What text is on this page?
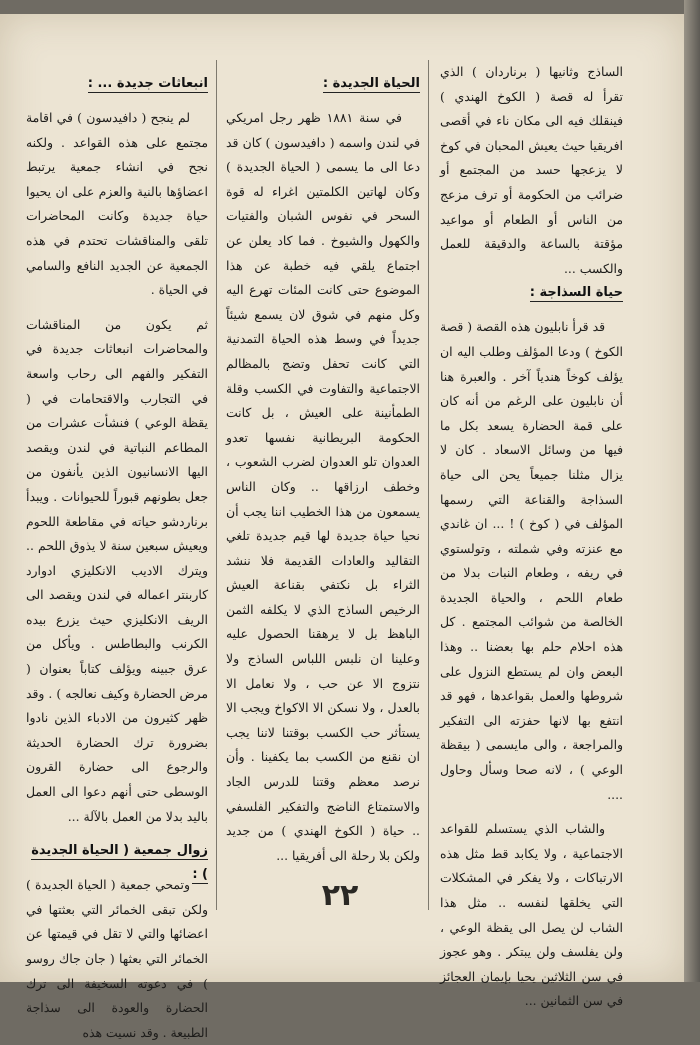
الساذج وثانيها ( برناردان ) الذي تقرأ له قصة ( الكوخ الهندي ) فينقلك فيه الى مكان ناء في أقصى افريقيا حيث يعيش المحبان في كوخ لا يزعجها حسد من المجتمع أو ضرائب من الحكومة أو ترف مزعج من الناس أو الطعام أو مواعيد مؤقتة بالساعة والدقيقة للعمل والكسب ...

حياة السذاجة :

قد قرأ نابليون هذه القصة ( قصة الكوخ ) ودعا المؤلف وطلب اليه ان يؤلف كوخاً هندياً آخر . والعبرة هنا أن نابليون على الرغم من أنه كان على قمة الحضارة يسعد بكل ما فيها من وسائل الاسعاد . كان لا يزال مثلنا جميعاً يحن الى حياة السذاجة والقناعة التي رسمها المؤلف في ( كوخ ) ! ... ان غاندي مع عنزته وفي شملته ، وتولستوي في ريفه ، وطعام النبات بدلا من طعام اللحم ، والحياة الجديدة الخالصة من شوائب المجتمع . كل هذه احلام حلم بها بعضنا .. وهذا البعض وان لم يستطع النزول على شروطها والعمل بقواعدها ، فهو قد انتفع بها لانها حفزته الى التفكير والمراجعة ، والى مايسمى ( بيقظة الوعي ) ، لانه صحا وسأل وحاول ....

والشاب الذي يستسلم للقواعد الاجتماعية ، ولا يكابد قط مثل هذه الارتباكات ، ولا يفكر في المشكلات التي يخلقها لنفسه .. مثل هذا الشاب لن يصل الى يقظة الوعي ، ولن يفلسف ولن يبتكر . وهو عجوز في سن الثلاثين يحيا بإيمان العجائز في سن الثمانين ...

الحياة الجديدة :

في سنة ١٨٨١ ظهر رجل امريكي في لندن واسمه ( دافيدسون ) كان قد دعا الى ما يسمى ( الحياة الجديدة ) وكان لهاتين الكلمتين اغراء له قوة السحر في نفوس الشبان والفتيات والكهول والشيوخ . فما كاد يعلن عن اجتماع يلقي فيه خطبة عن هذا الموضوع حتى كانت المئات تهرع اليه وكل منهم في شوق لان يسمع شيئاً جديداً في وسط هذه الحياة التمدنية التي كانت تحفل وتضج بالمظالم الاجتماعية والتفاوت في الكسب وقلة الطمأنينة على العيش ، بل كانت الحكومة البريطانية نفسها تعدو العدوان تلو العدوان لضرب الشعوب ، وخطف ارزاقها .. وكان الناس يسمعون من هذا الخطيب اننا يجب أن نحيا حياة جديدة لها قيم جديدة تلغي التقاليد والعادات القديمة فلا ننشد الثراء بل نكتفي بقناعة العيش الرخيص الساذج الذي لا يكلفه الثمن الباهظ بل لا يرهقنا الحصول عليه وعلينا ان نلبس اللباس الساذج ولا نتزوج الا عن حب ، ولا نعامل الا بالعدل ، ولا نسكن الا الاكواخ ويجب الا يستأثر حب الكسب بوقتنا لاننا يجب ان نقنع من الكسب بما يكفينا . وأن نرصد معظم وقتنا للدرس الجاد والاستمتاع الناضج والتفكير الفلسفي .. حياة ( الكوخ الهندي ) من جديد ولكن بلا رحلة الى أفريقيا ...

انبعاثات جديدة ... :

لم ينجح ( دافيدسون ) في اقامة مجتمع على هذه القواعد . ولكنه نجح في انشاء جمعية يرتبط اعضاؤها بالنية والعزم على ان يحيوا حياة جديدة وكانت المحاضرات تلقى والمناقشات تحتدم في هذه الجمعية عن الجديد النافع والسامي في الحياة .

ثم يكون من المناقشات والمحاضرات انبعاثات جديدة في التفكير والفهم الى رحاب واسعة في التجارب والاقتحامات في ( يقظة الوعي ) فنشأت عشرات من المطاعم النباتية في لندن ويقصد اليها الانسانيون الذين يأنفون من جعل بطونهم قبوراً للحيوانات . ويبدأ برناردشو حياته في مقاطعة اللحوم ويعيش سبعين سنة لا يذوق اللحم .. ويترك الاديب الانكليزي ادوارد كاربنتر اعماله في لندن ويقصد الى الريف الانكليزي حيث يزرع بيده الكرنب والبطاطس . ويأكل من عرق جبينه ويؤلف كتاباً بعنوان ( مرض الحضارة وكيف نعالجه ) . وقد ظهر كثيرون من الادباء الذين نادوا بضرورة ترك الحضارة الحديثة والرجوع الى حضارة القرون الوسطى حتى أنهم دعوا الى العمل باليد بدلا من العمل بالآلة ...

زوال جمعية ( الحياة الجديدة ) :

وتمحي جمعية ( الحياة الجديدة ) ولكن تبقى الخمائر التي بعثتها في اعضائها والتي لا تقل في قيمتها عن الخمائر التي بعثها ( جان جاك روسو ) في دعوته السخيفة الى ترك الحضارة والعودة الى سذاجة الطبيعة . وقد نسيت هذه

٢٢
